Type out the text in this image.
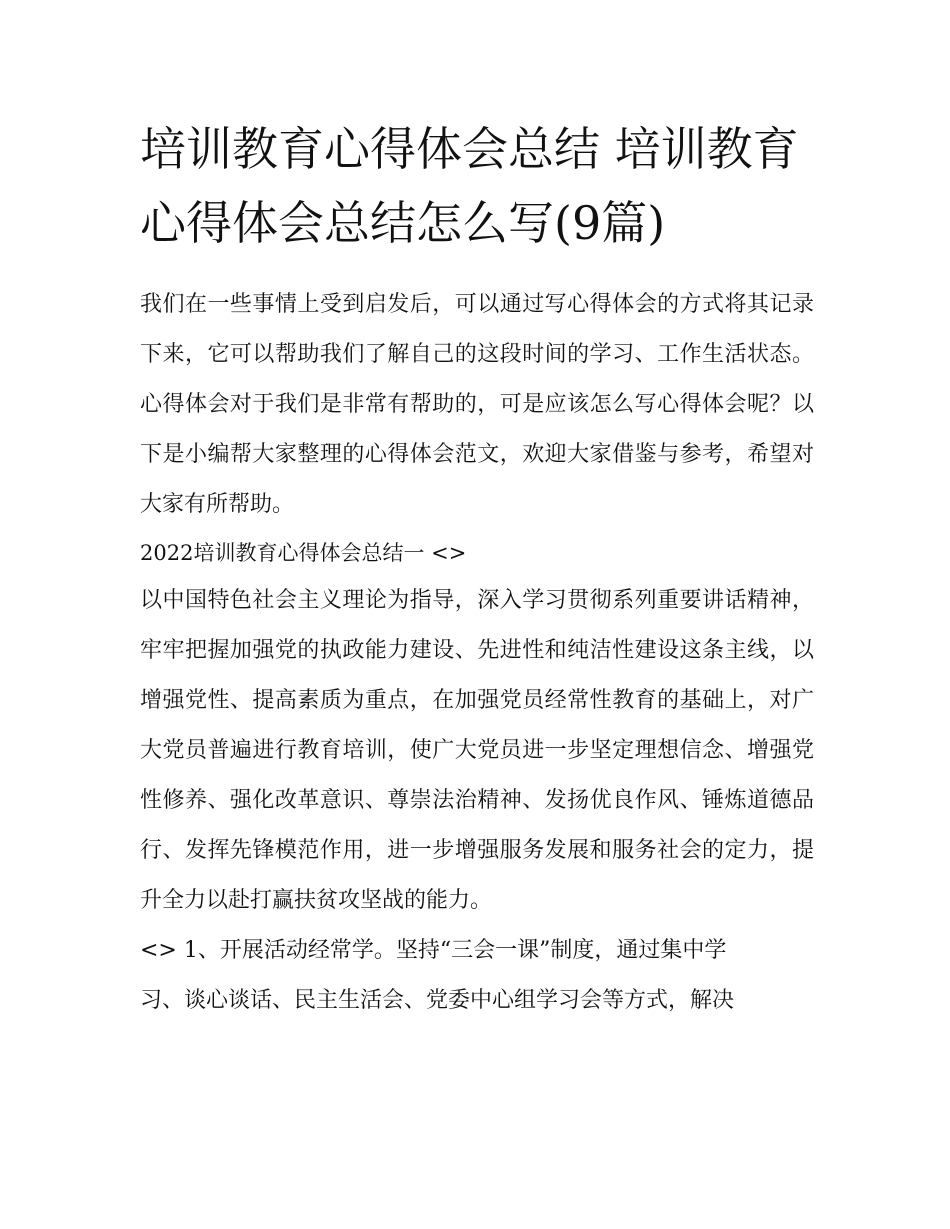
培训教育心得体会总结 培训教育心得体会总结怎么写(9篇)

我们在一些事情上受到启发后，可以通过写心得体会的方式将其记录下来，它可以帮助我们了解自己的这段时间的学习、工作生活状态。心得体会对于我们是非常有帮助的，可是应该怎么写心得体会呢？以下是小编帮大家整理的心得体会范文，欢迎大家借鉴与参考，希望对大家有所帮助。

2022培训教育心得体会总结一 <>

以中国特色社会主义理论为指导，深入学习贯彻系列重要讲话精神，牢牢把握加强党的执政能力建设、先进性和纯洁性建设这条主线，以增强党性、提高素质为重点，在加强党员经常性教育的基础上，对广大党员普遍进行教育培训，使广大党员进一步坚定理想信念、增强党性修养、强化改革意识、尊崇法治精神、发扬优良作风、锤炼道德品行、发挥先锋模范作用，进一步增强服务发展和服务社会的定力，提升全力以赴打赢扶贫攻坚战的能力。

<> 1、开展活动经常学。坚持“三会一课”制度，通过集中学

习、谈心谈话、民主生活会、党委中心组学习会等方式，解决
